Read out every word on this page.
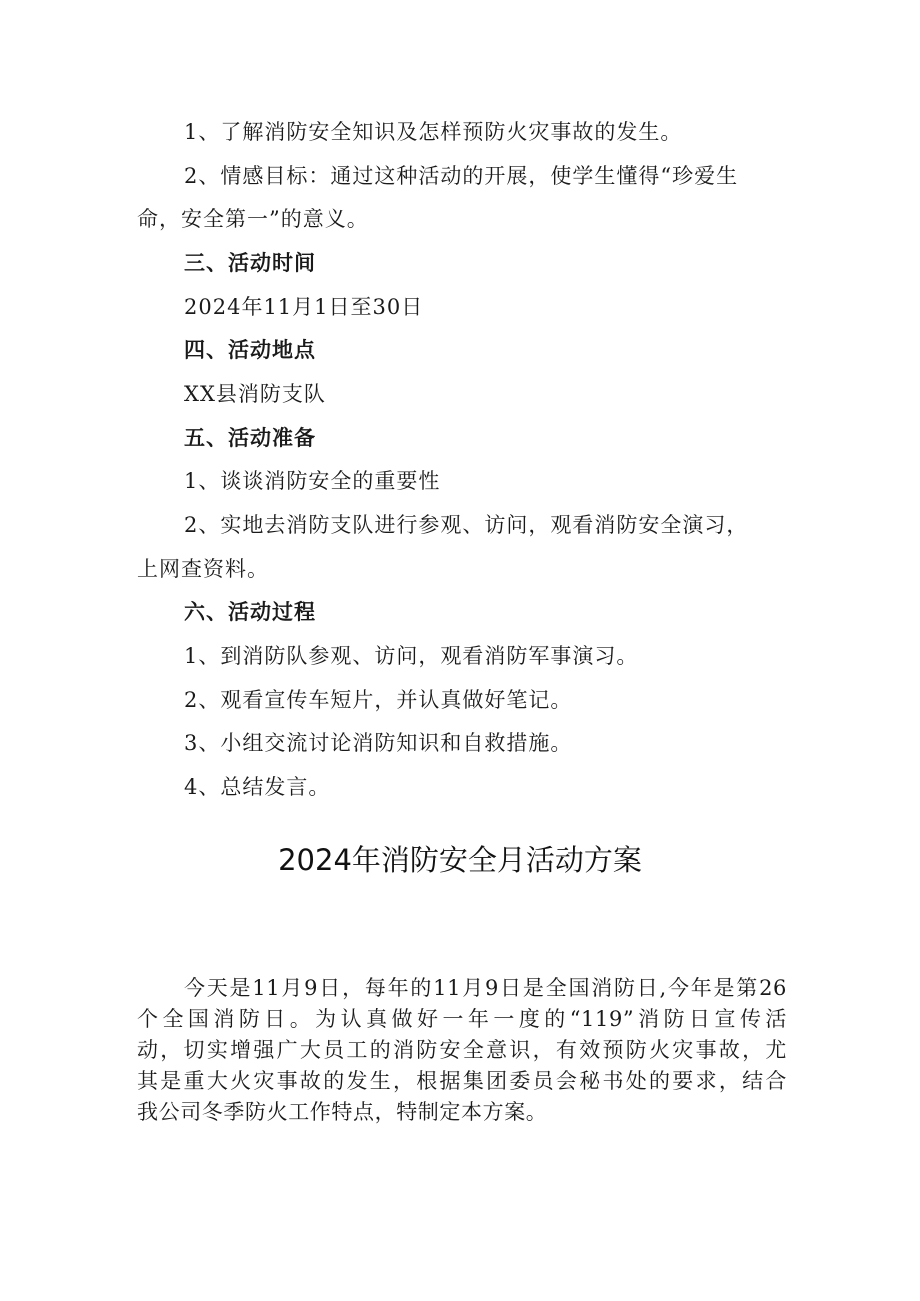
1、了解消防安全知识及怎样预防火灾事故的发生。
2、情感目标：通过这种活动的开展，使学生懂得“珍爱生
命，安全第一”的意义。
三、活动时间
2024年11月1日至30日
四、活动地点
XX县消防支队
五、活动准备
1、谈谈消防安全的重要性
2、实地去消防支队进行参观、访问，观看消防安全演习，
上网查资料。
六、活动过程
1、到消防队参观、访问，观看消防军事演习。
2、观看宣传车短片，并认真做好笔记。
3、小组交流讨论消防知识和自救措施。
4、总结发言。
2024年消防安全月活动方案
今天是11月9日，每年的11月9日是全国消防日,今年是第26
个全国消防日。为认真做好一年一度的“119”消防日宣传活
动，切实增强广大员工的消防安全意识，有效预防火灾事故，尤
其是重大火灾事故的发生，根据集团委员会秘书处的要求，结合
我公司冬季防火工作特点，特制定本方案。
